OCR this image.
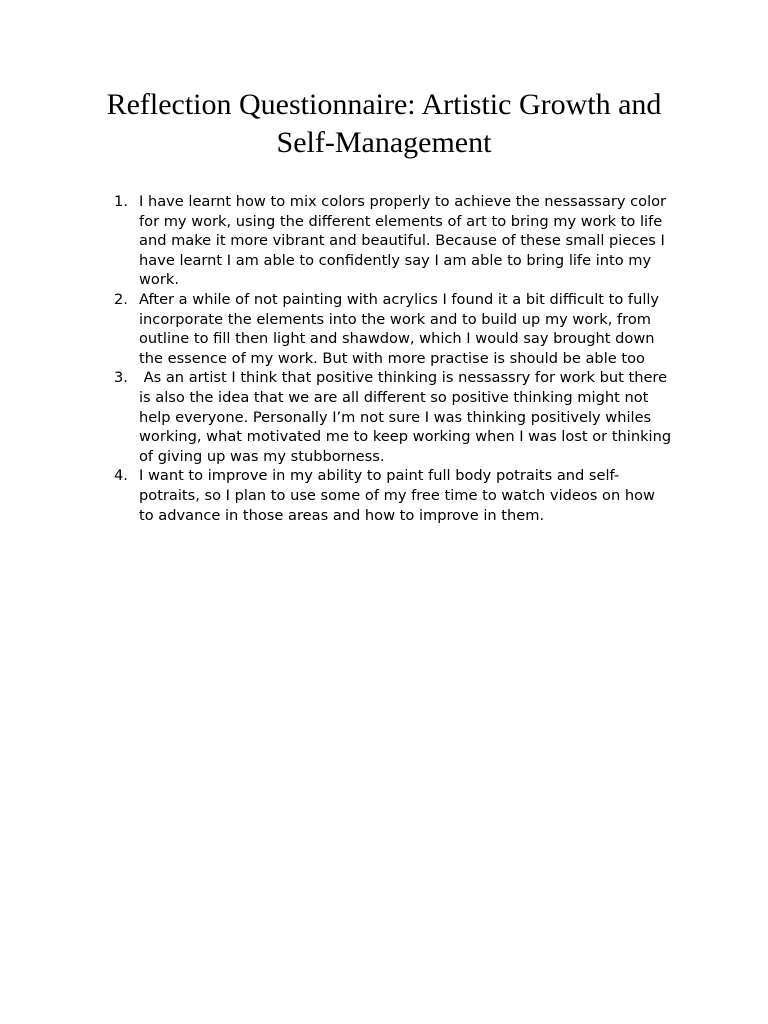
Reflection Questionnaire: Artistic Growth and Self-Management
1. I have learnt how to mix colors properly to achieve the nessassary color for my work, using the different elements of art to bring my work to life and make it more vibrant and beautiful. Because of these small pieces I have learnt I am able to confidently say I am able to bring life into my work.
2. After a while of not painting with acrylics I found it a bit difficult to fully incorporate the elements into the work and to build up my work, from outline to fill then light and shawdow, which I would say brought down the essence of my work. But with more practise is should be able too
3. As an artist I think that positive thinking is nessassry for work but there is also the idea that we are all different so positive thinking might not help everyone. Personally I’m not sure I was thinking positively whiles working, what motivated me to keep working when I was lost or thinking of giving up was my stubborness.
4. I want to improve in my ability to paint full body potraits and self-potraits, so I plan to use some of my free time to watch videos on how to advance in those areas and how to improve in them.
